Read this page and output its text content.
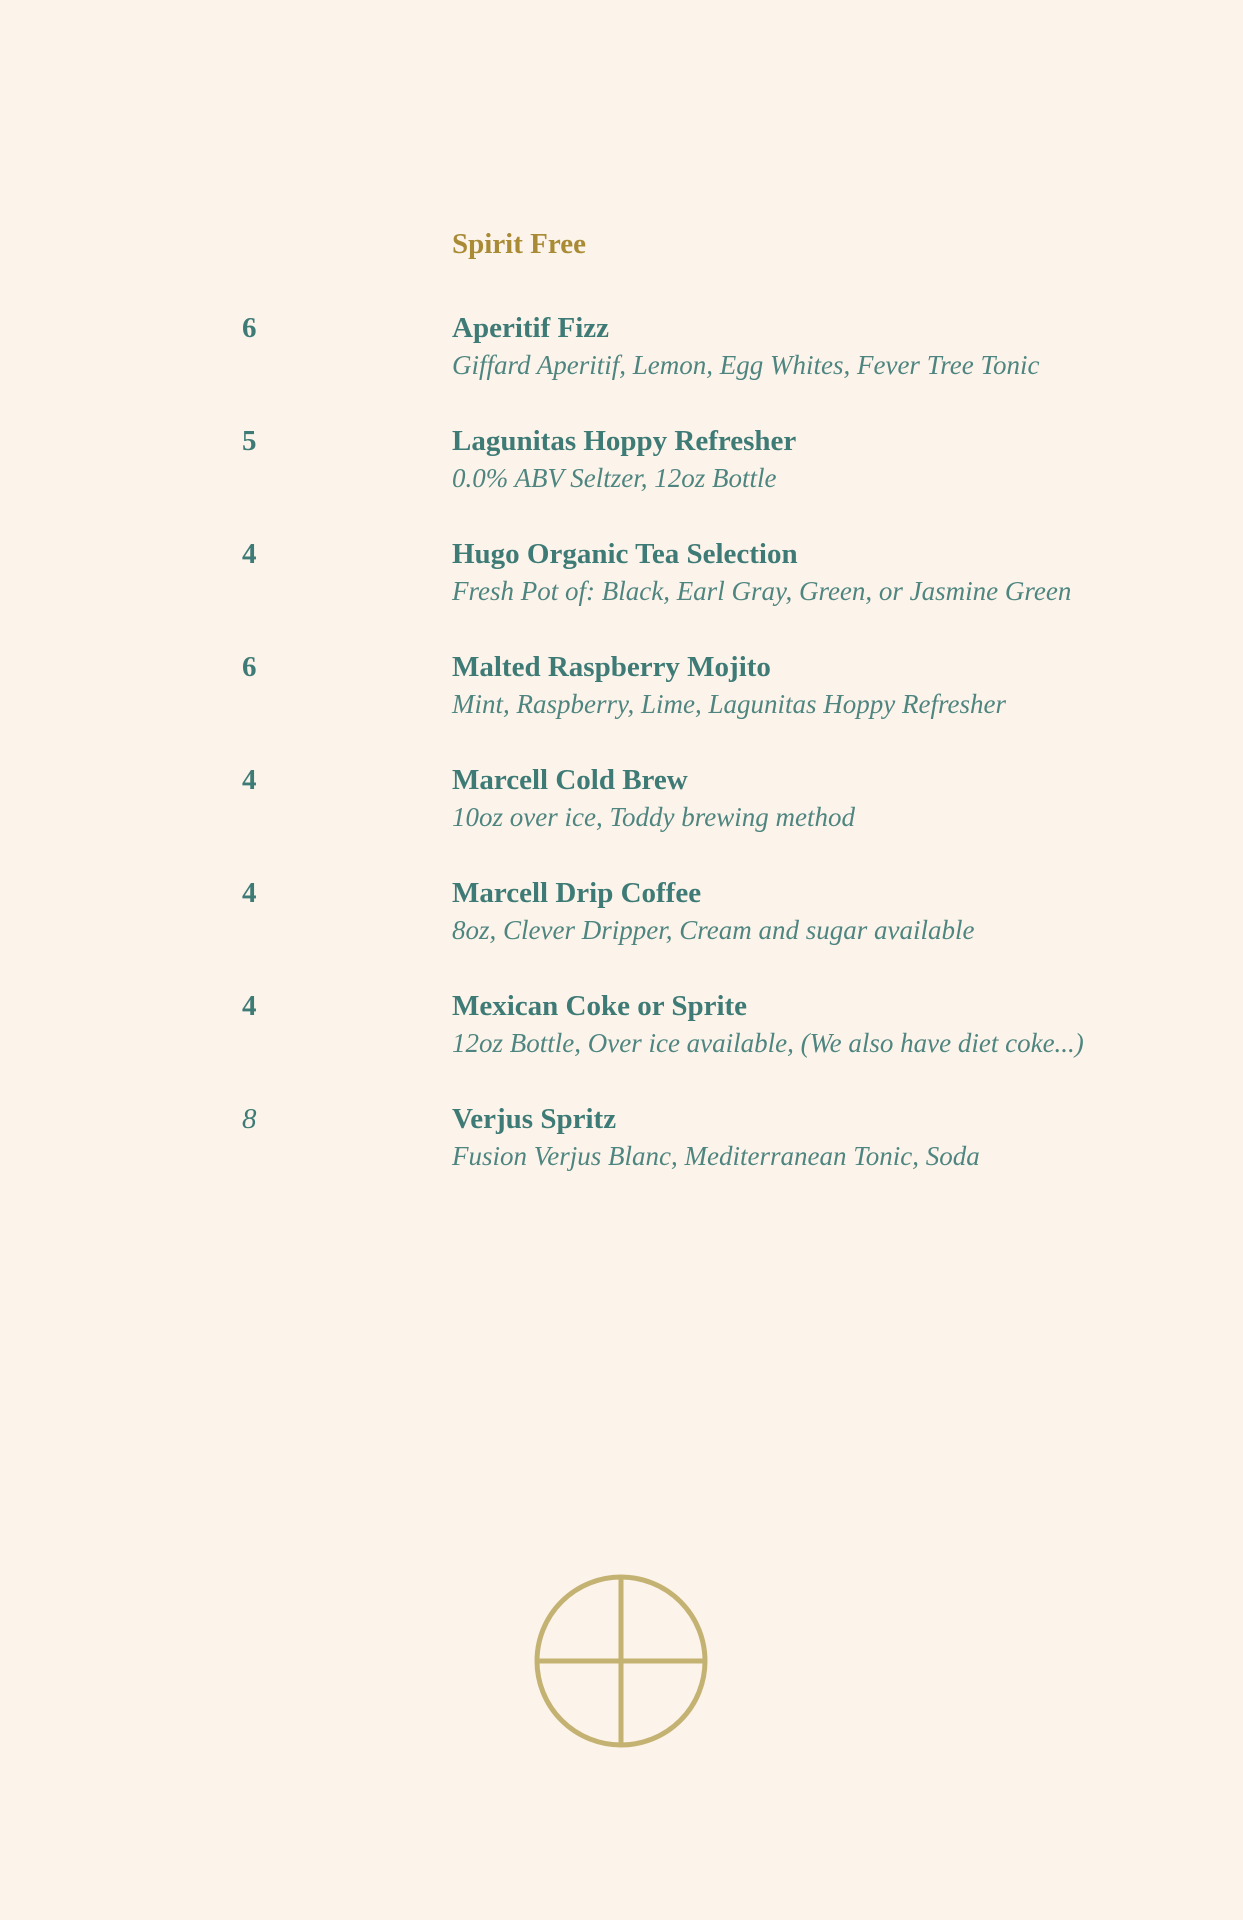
Spirit Free
6	Aperitif Fizz
Giffard Aperitif, Lemon, Egg Whites, Fever Tree Tonic
5	Lagunitas Hoppy Refresher
0.0% ABV Seltzer, 12oz Bottle
4	Hugo Organic Tea Selection
Fresh Pot of: Black, Earl Gray, Green, or Jasmine Green
6	Malted Raspberry Mojito
Mint, Raspberry, Lime, Lagunitas Hoppy Refresher
4	Marcell Cold Brew
10oz over ice, Toddy brewing method
4	Marcell Drip Coffee
8oz, Clever Dripper, Cream and sugar available
4	Mexican Coke or Sprite
12oz Bottle, Over ice available, (We also have diet coke...)
8	Verjus Spritz
Fusion Verjus Blanc, Mediterranean Tonic, Soda
